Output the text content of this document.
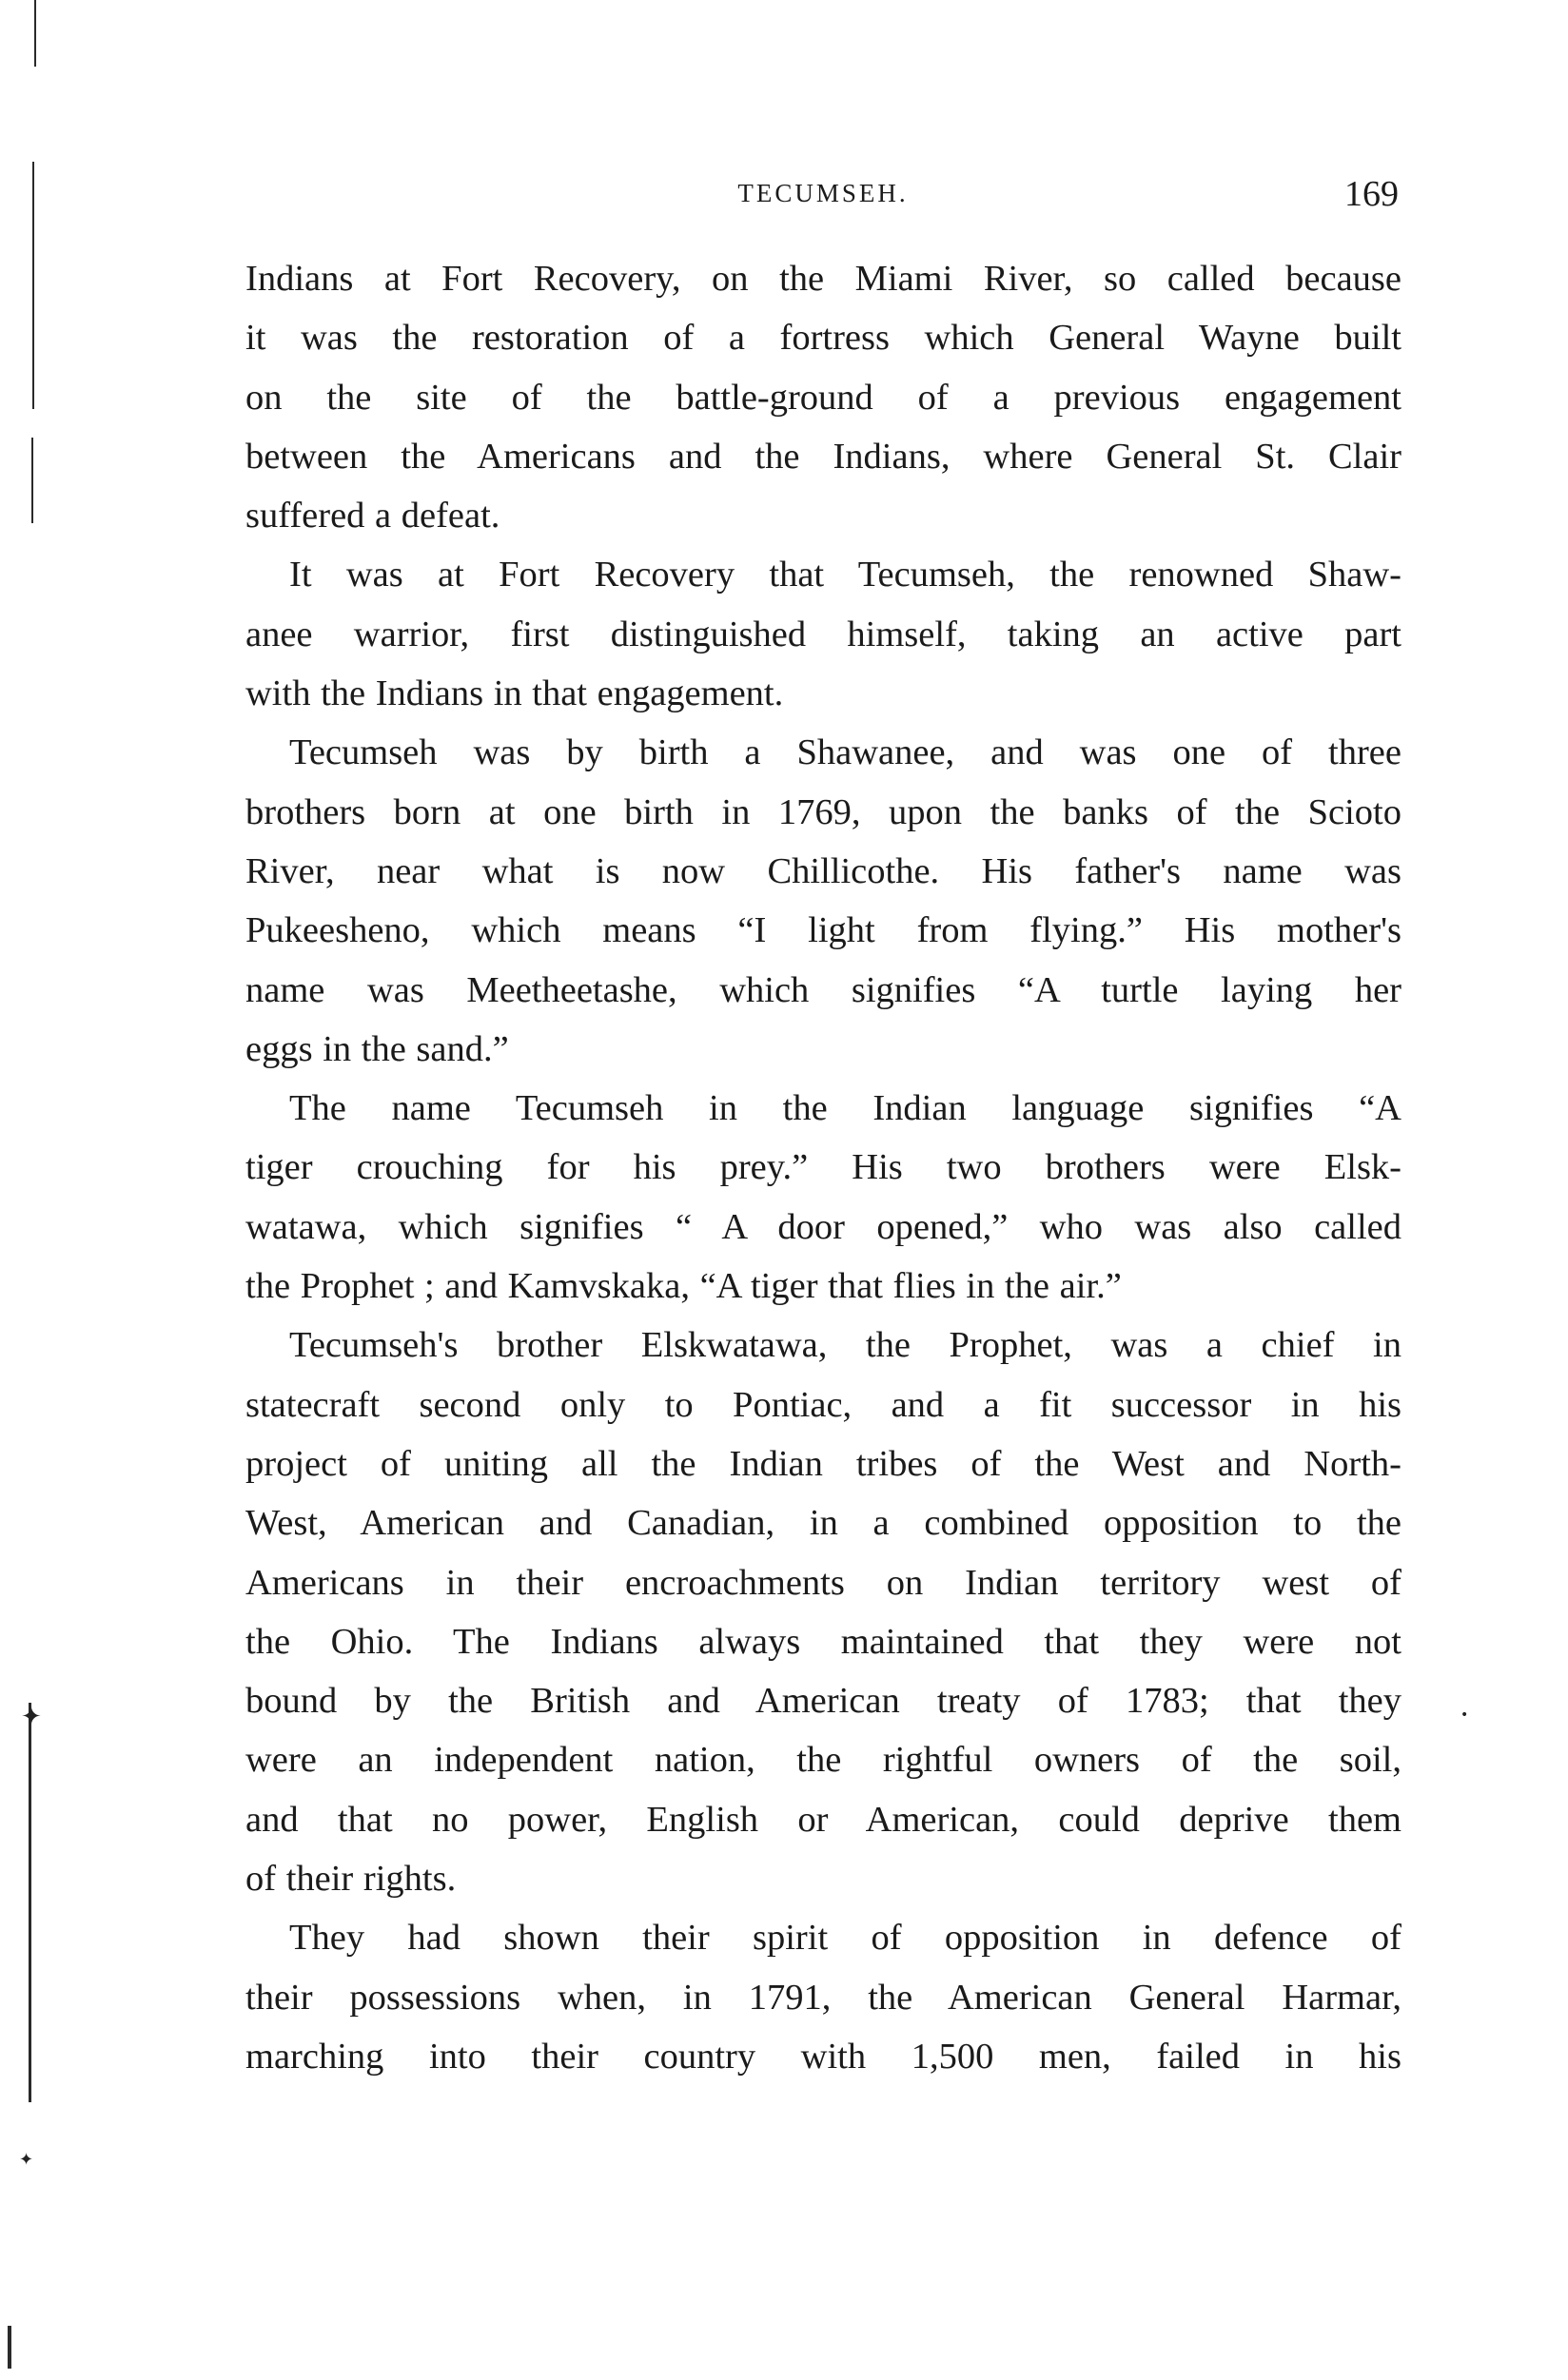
✦
✦
•
TECUMSEH.	169
Indians at Fort Recovery, on the Miami River, so called because
it was the restoration of a fortress which General Wayne built
on the site of the battle-ground of a previous engagement
between the Americans and the Indians, where General St. Clair
suffered a defeat.
It was at Fort Recovery that Tecumseh, the renowned Shaw-
anee warrior, first distinguished himself, taking an active part
with the Indians in that engagement.
Tecumseh was by birth a Shawanee, and was one of three
brothers born at one birth in 1769, upon the banks of the Scioto
River, near what is now Chillicothe. His father's name was
Pukeesheno, which means “I light from flying.” His mother's
name was Meetheetashe, which signifies “A turtle laying her
eggs in the sand.”
The name Tecumseh in the Indian language signifies “A
tiger crouching for his prey.” His two brothers were Elsk-
watawa, which signifies “ A door opened,” who was also called
the Prophet ; and Kamvskaka, “A tiger that flies in the air.”
Tecumseh's brother Elskwatawa, the Prophet, was a chief in
statecraft second only to Pontiac, and a fit successor in his
project of uniting all the Indian tribes of the West and North-
West, American and Canadian, in a combined opposition to the
Americans in their encroachments on Indian territory west of
the Ohio. The Indians always maintained that they were not
bound by the British and American treaty of 1783; that they
were an independent nation, the rightful owners of the soil,
and that no power, English or American, could deprive them
of their rights.
They had shown their spirit of opposition in defence of
their possessions when, in 1791, the American General Harmar,
marching into their country with 1,500 men, failed in his
